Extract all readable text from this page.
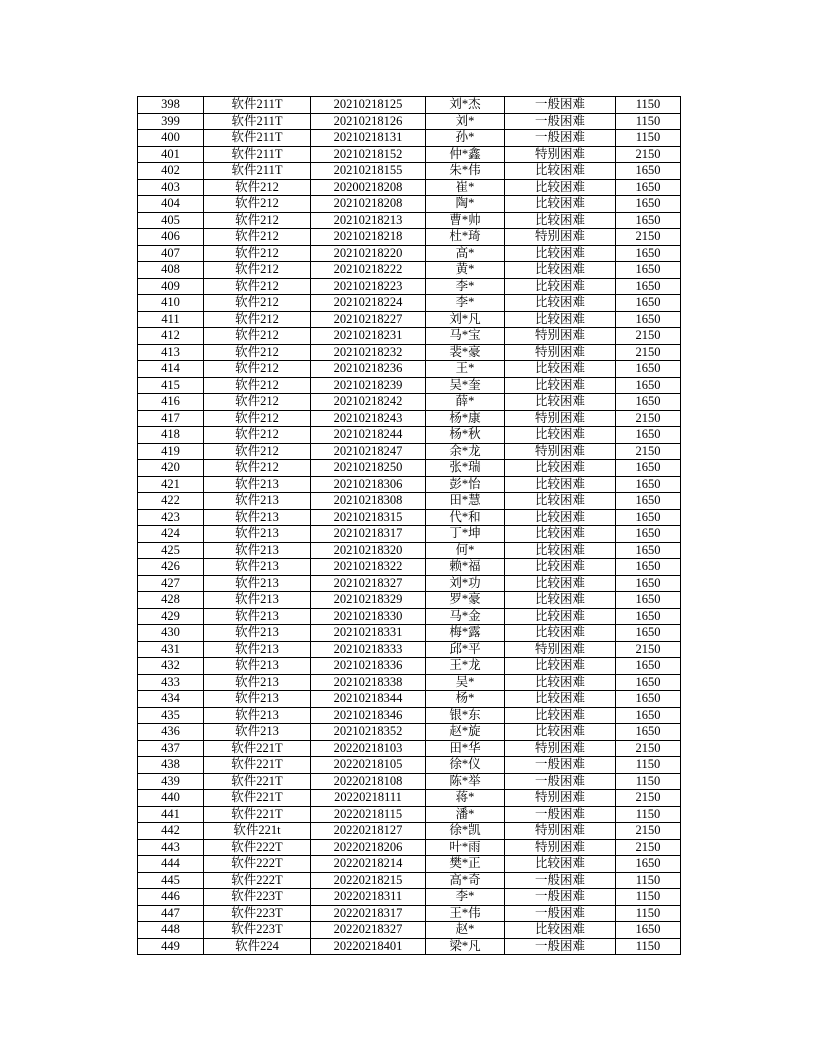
398	软件211T	20210218125	刘*杰	一般困难	1150
399	软件211T	20210218126	刘*	一般困难	1150
400	软件211T	20210218131	孙*	一般困难	1150
401	软件211T	20210218152	仲*鑫	特别困难	2150
402	软件211T	20210218155	朱*伟	比较困难	1650
403	软件212	20200218208	崔*	比较困难	1650
404	软件212	20210218208	陶*	比较困难	1650
405	软件212	20210218213	曹*帅	比较困难	1650
406	软件212	20210218218	杜*琦	特别困难	2150
407	软件212	20210218220	高*	比较困难	1650
408	软件212	20210218222	黄*	比较困难	1650
409	软件212	20210218223	李*	比较困难	1650
410	软件212	20210218224	李*	比较困难	1650
411	软件212	20210218227	刘*凡	比较困难	1650
412	软件212	20210218231	马*宝	特别困难	2150
413	软件212	20210218232	裴*豪	特别困难	2150
414	软件212	20210218236	王*	比较困难	1650
415	软件212	20210218239	吴*奎	比较困难	1650
416	软件212	20210218242	薛*	比较困难	1650
417	软件212	20210218243	杨*康	特别困难	2150
418	软件212	20210218244	杨*秋	比较困难	1650
419	软件212	20210218247	余*龙	特别困难	2150
420	软件212	20210218250	张*瑞	比较困难	1650
421	软件213	20210218306	彭*怡	比较困难	1650
422	软件213	20210218308	田*慧	比较困难	1650
423	软件213	20210218315	代*和	比较困难	1650
424	软件213	20210218317	丁*坤	比较困难	1650
425	软件213	20210218320	何*	比较困难	1650
426	软件213	20210218322	赖*福	比较困难	1650
427	软件213	20210218327	刘*功	比较困难	1650
428	软件213	20210218329	罗*豪	比较困难	1650
429	软件213	20210218330	马*金	比较困难	1650
430	软件213	20210218331	梅*露	比较困难	1650
431	软件213	20210218333	邱*平	特别困难	2150
432	软件213	20210218336	王*龙	比较困难	1650
433	软件213	20210218338	吴*	比较困难	1650
434	软件213	20210218344	杨*	比较困难	1650
435	软件213	20210218346	银*东	比较困难	1650
436	软件213	20210218352	赵*旋	比较困难	1650
437	软件221T	20220218103	田*华	特别困难	2150
438	软件221T	20220218105	徐*仪	一般困难	1150
439	软件221T	20220218108	陈*举	一般困难	1150
440	软件221T	20220218111	蒋*	特别困难	2150
441	软件221T	20220218115	潘*	一般困难	1150
442	软件221t	20220218127	徐*凯	特别困难	2150
443	软件222T	20220218206	叶*雨	特别困难	2150
444	软件222T	20220218214	樊*正	比较困难	1650
445	软件222T	20220218215	高*奇	一般困难	1150
446	软件223T	20220218311	李*	一般困难	1150
447	软件223T	20220218317	王*伟	一般困难	1150
448	软件223T	20220218327	赵*	比较困难	1650
449	软件224	20220218401	梁*凡	一般困难	1150
